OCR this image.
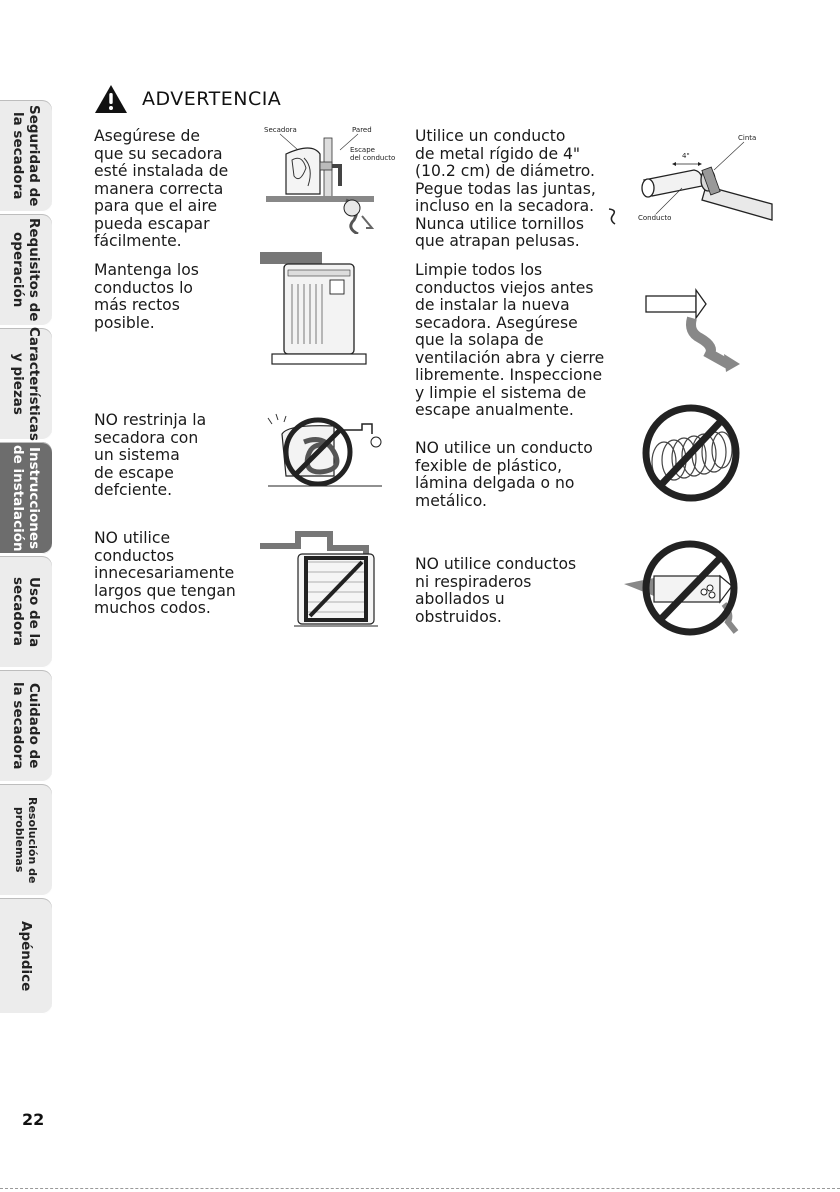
Seguridad de
la secadora
Requisitos de
operación
Características
y piezas
Instrucciones
de instalación
Uso de la
secadora
Cuidado de
la secadora
Resolución de
problemas
Apéndice
ADVERTENCIA

Asegúrese de
que su secadora
esté instalada de
manera correcta
para que el aire
pueda escapar
fácilmente.

Mantenga los
conductos lo
más rectos
posible.

NO restrinja la
secadora con
un sistema
de escape
defciente.

NO utilice
conductos
innecesariamente
largos que tengan
muchos codos.

Utilice un conducto
de metal rígido de 4"
(10.2 cm) de diámetro.
Pegue todas las juntas,
incluso en la secadora.
Nunca utilice tornillos
que atrapan pelusas.

Limpie todos los
conductos viejos antes
de instalar la nueva
secadora. Asegúrese
que la solapa de
ventilación abra y cierre
libremente. Inspeccione
y limpie el sistema de
escape anualmente.

NO utilice un conducto
fexible de plástico,
lámina delgada o no
metálico.

NO utilice conductos
ni respiraderos
abollados u
obstruidos.

Secadora	Pared
Escape
del conducto
Cinta
4"
Conducto
22
